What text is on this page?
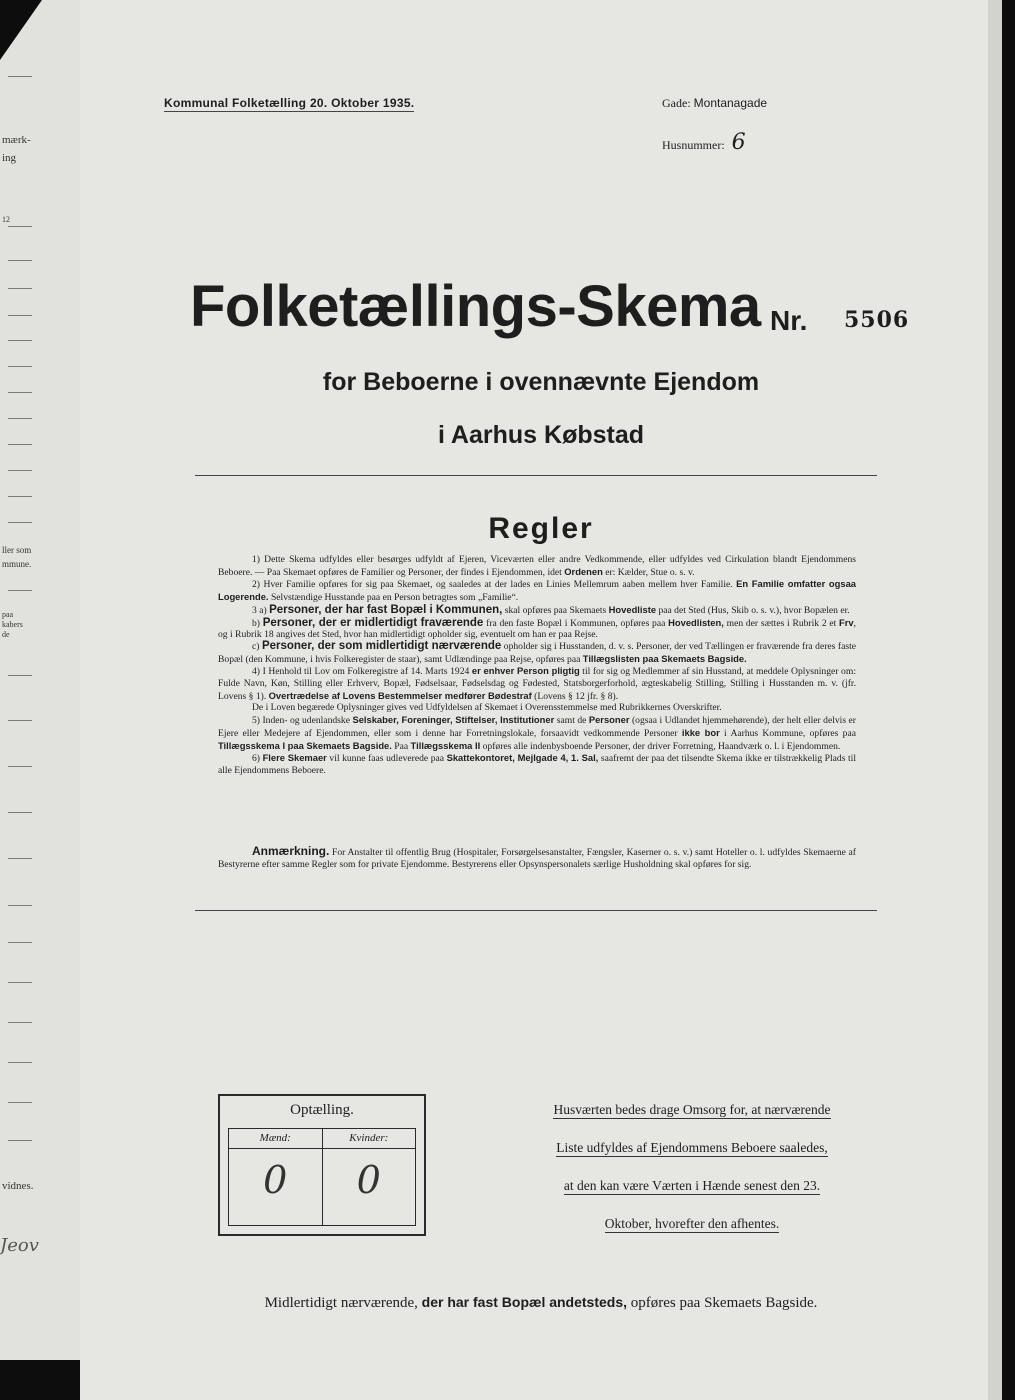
mærk-
ing
12
ller som
mmune.
paa
kabers
de
vidnes.
Jeov
Kommunal Folketælling 20. Oktober 1935.	Gade: Montanagade
Husnummer: 6
Folketællings-Skema Nr. 5506
for Beboerne i ovennævnte Ejendom
i Aarhus Købstad
Regler

1) Dette Skema udfyldes eller besørges udfyldt af Ejeren, Viceværten eller andre Vedkommende, eller udfyldes ved Cirkulation blandt Ejendommens Beboere. — Paa Skemaet opføres de Familier og Personer, der findes i Ejendommen, idet Ordenen er: Kælder, Stue o. s. v.

2) Hver Familie opføres for sig paa Skemaet, og saaledes at der lades en Linies Mellemrum aaben mellem hver Familie. En Familie omfatter ogsaa Logerende. Selvstændige Husstande paa en Person betragtes som „Familie“.

3 a) Personer, der har fast Bopæl i Kommunen, skal opføres paa Skemaets Hovedliste paa det Sted (Hus, Skib o. s. v.), hvor Bopælen er.

b) Personer, der er midlertidigt fraværende fra den faste Bopæl i Kommunen, opføres paa Hovedlisten, men der sættes i Rubrik 2 et Frv, og i Rubrik 18 angives det Sted, hvor han midlertidigt opholder sig, eventuelt om han er paa Rejse.

c) Personer, der som midlertidigt nærværende opholder sig i Husstanden, d. v. s. Personer, der ved Tællingen er fraværende fra deres faste Bopæl (den Kommune, i hvis Folkeregister de staar), samt Udlændinge paa Rejse, opføres paa Tillægslisten paa Skemaets Bagside.

4) I Henhold til Lov om Folkeregistre af 14. Marts 1924 er enhver Person pligtig til for sig og Medlemmer af sin Husstand, at meddele Oplysninger om: Fulde Navn, Køn, Stilling eller Erhverv, Bopæl, Fødselsaar, Fødselsdag og Fødested, Statsborgerforhold, ægteskabelig Stilling, Stilling i Husstanden m. v. (jfr. Lovens § 1). Overtrædelse af Lovens Bestemmelser medfører Bødestraf (Lovens § 12 jfr. § 8).

De i Loven begærede Oplysninger gives ved Udfyldelsen af Skemaet i Overensstemmelse med Rubrikkernes Overskrifter.

5) Inden- og udenlandske Selskaber, Foreninger, Stiftelser, Institutioner samt de Personer (ogsaa i Udlandet hjemmehørende), der helt eller delvis er Ejere eller Medejere af Ejendommen, eller som i denne har Forretningslokale, forsaavidt vedkommende Personer ikke bor i Aarhus Kommune, opføres paa Tillægsskema I paa Skemaets Bagside. Paa Tillægsskema II opføres alle indenbysboende Personer, der driver Forretning, Haandværk o. l. i Ejendommen.

6) Flere Skemaer vil kunne faas udleverede paa Skattekontoret, Mejlgade 4, 1. Sal, saafremt der paa det tilsendte Skema ikke er tilstrækkelig Plads til alle Ejendommens Beboere.

Anmærkning. For Anstalter til offentlig Brug (Hospitaler, Forsørgelsesanstalter, Fængsler, Kaserner o. s. v.) samt Hoteller o. l. udfyldes Skemaerne af Bestyrerne efter samme Regler som for private Ejendomme. Bestyrerens eller Opsynspersonalets særlige Husholdning skal opføres for sig.

Optælling.
Mænd:
0
Kvinder:
0
Husværten bedes drage Omsorg for, at nærværende
Liste udfyldes af Ejendommens Beboere saaledes,
at den kan være Værten i Hænde senest den 23.
Oktober, hvorefter den afhentes.
Midlertidigt nærværende, der har fast Bopæl andetsteds, opføres paa Skemaets Bagside.
